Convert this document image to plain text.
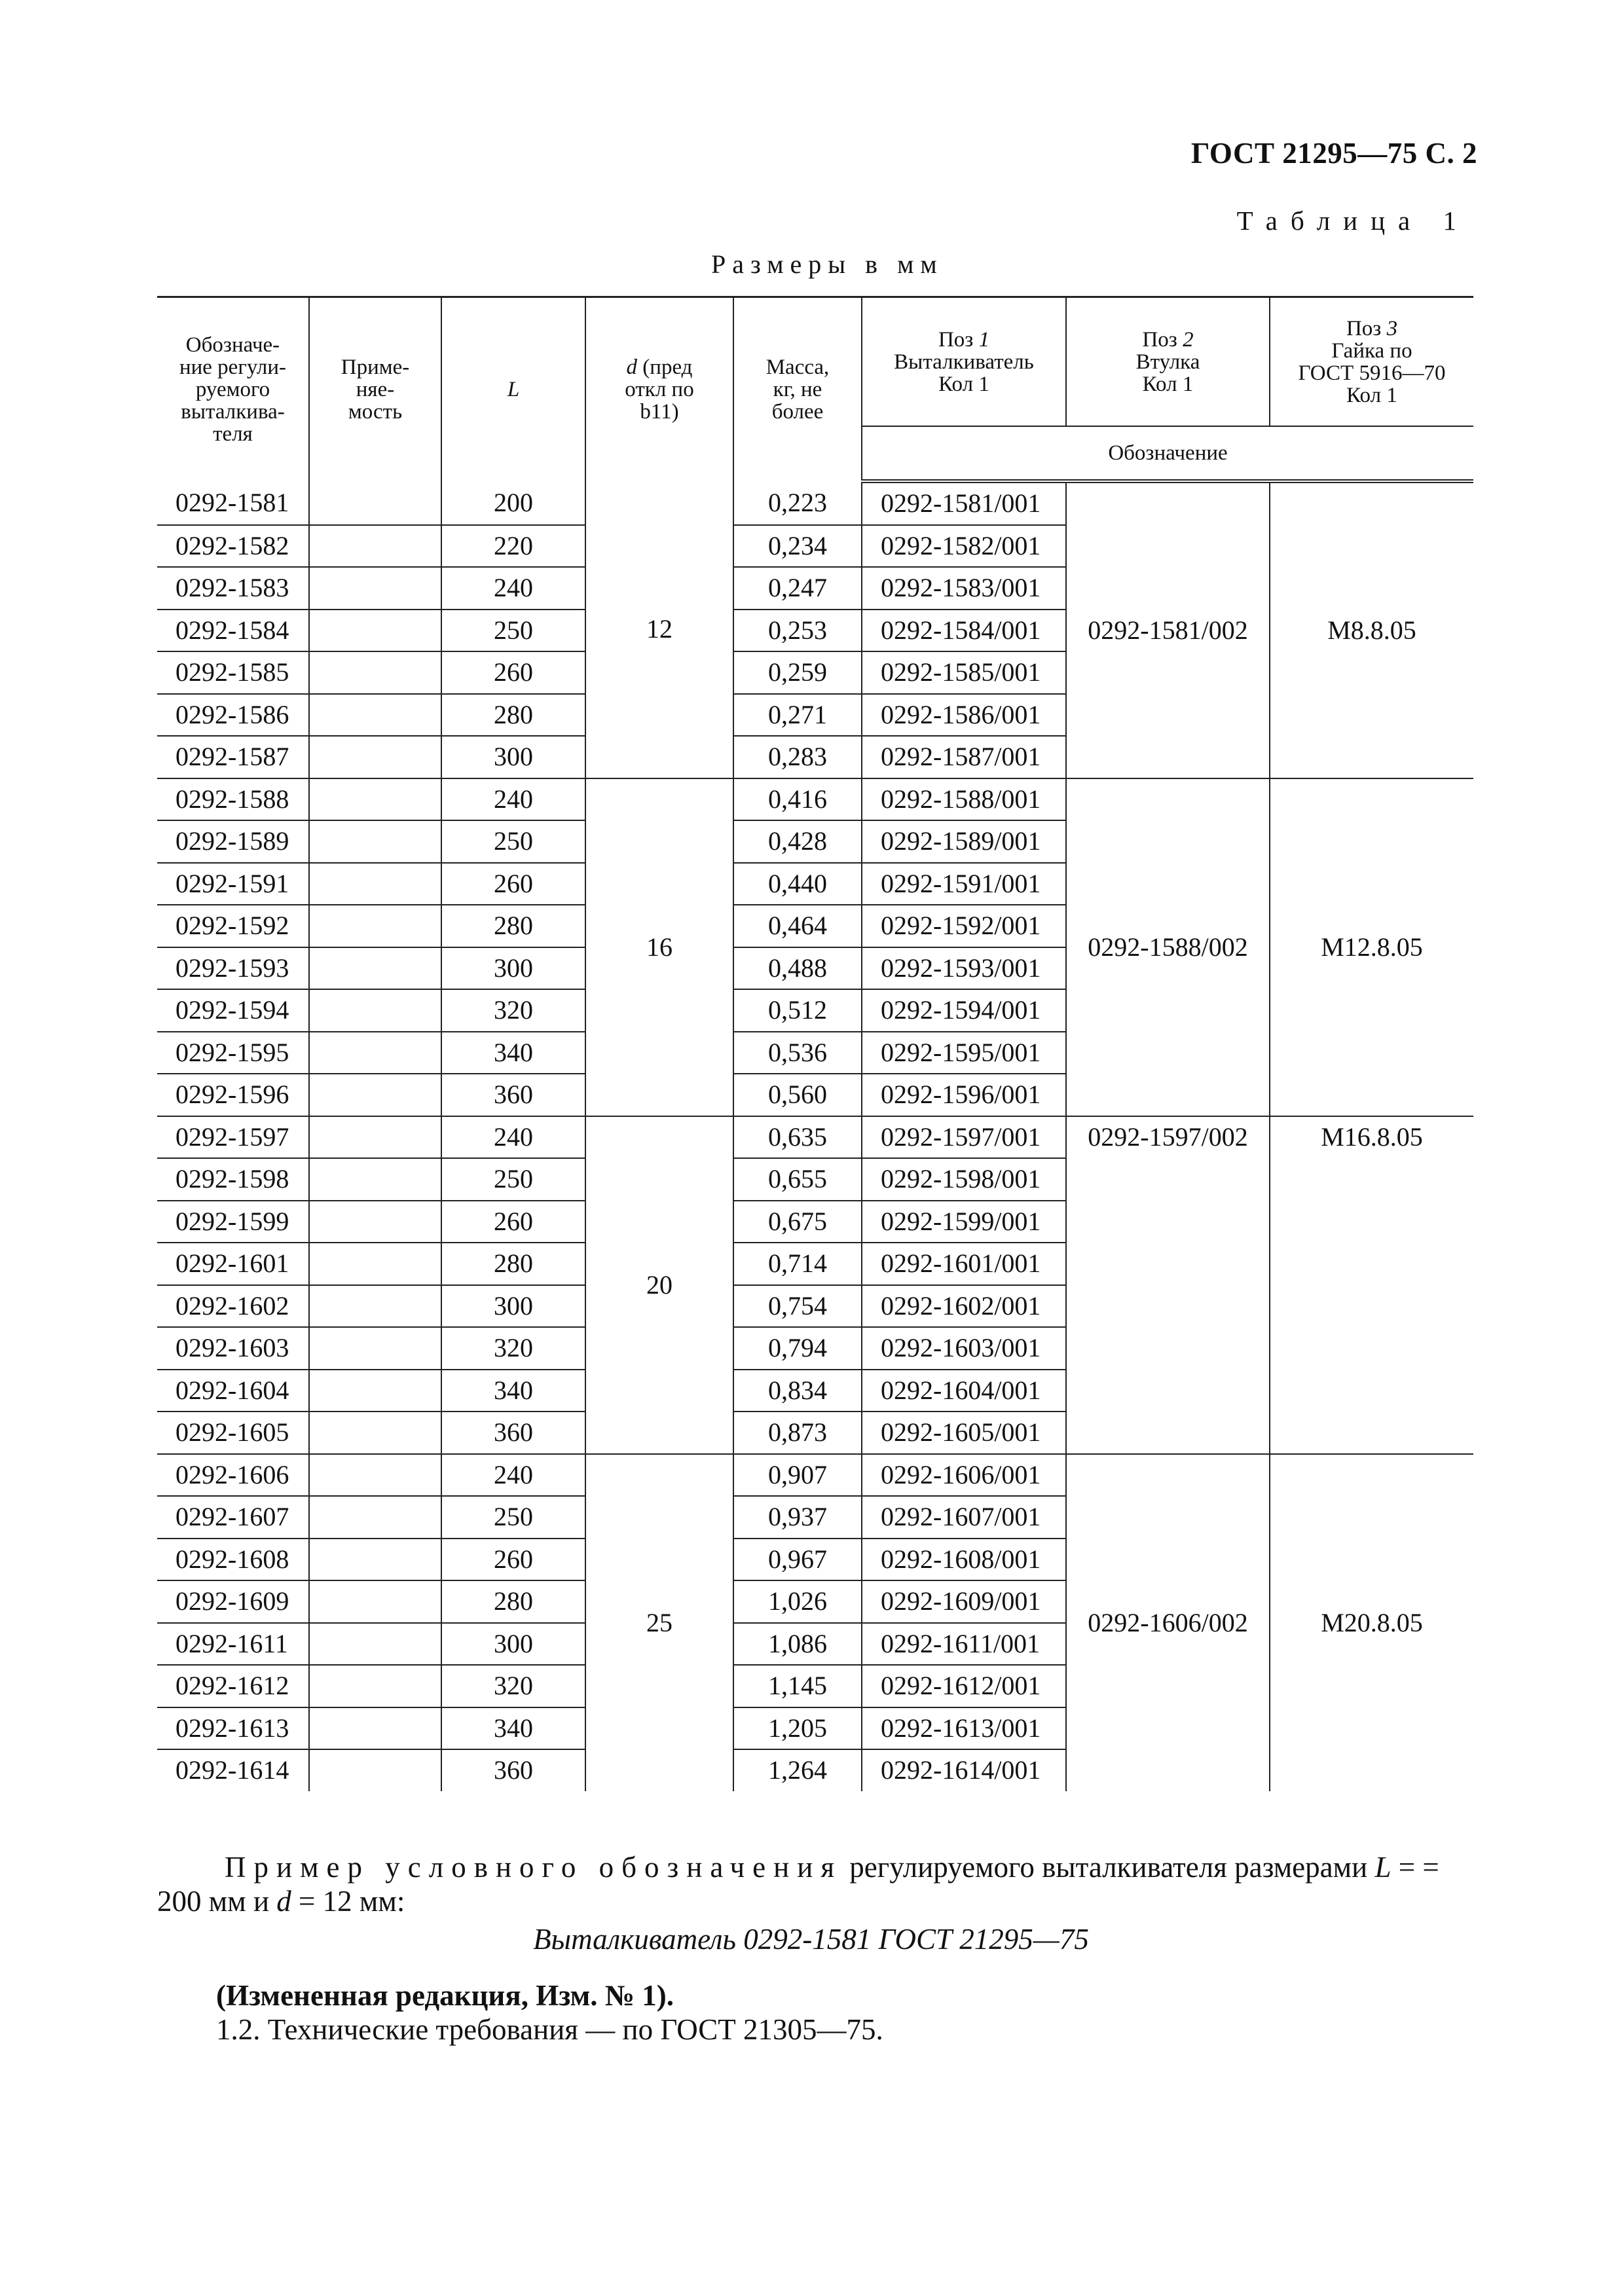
ГОСТ 21295—75 С. 2
Таблица 1
Размеры в мм
Обозначе-
ние регули-
руемого
выталкива-
теля	Приме-
няе-
мость	L	d (пред
откл по
b11)	Масса,
кг, не
более	Поз 1
Выталкиватель
Кол 1	Поз 2
Втулка
Кол 1	Поз 3
Гайка по
ГОСТ 5916—70
Кол 1
					Обозначение		
0292-1581		200	12	0,223	0292-1581/001	0292-1581/002	M8.8.05
0292-1582		220		0,234	0292-1582/001		
0292-1583		240		0,247	0292-1583/001		
0292-1584		250		0,253	0292-1584/001		
0292-1585		260		0,259	0292-1585/001		
0292-1586		280		0,271	0292-1586/001		
0292-1587		300		0,283	0292-1587/001		
0292-1588		240	16	0,416	0292-1588/001	0292-1588/002	M12.8.05
0292-1589		250		0,428	0292-1589/001		
0292-1591		260		0,440	0292-1591/001		
0292-1592		280		0,464	0292-1592/001		
0292-1593		300		0,488	0292-1593/001		
0292-1594		320		0,512	0292-1594/001		
0292-1595		340		0,536	0292-1595/001		
0292-1596		360		0,560	0292-1596/001		
0292-1597		240	20	0,635	0292-1597/001	0292-1597/002	M16.8.05
0292-1598		250		0,655	0292-1598/001		
0292-1599		260		0,675	0292-1599/001		
0292-1601		280		0,714	0292-1601/001		
0292-1602		300		0,754	0292-1602/001		
0292-1603		320		0,794	0292-1603/001		
0292-1604		340		0,834	0292-1604/001		
0292-1605		360		0,873	0292-1605/001		
0292-1606		240	25	0,907	0292-1606/001	0292-1606/002	M20.8.05
0292-1607		250		0,937	0292-1607/001		
0292-1608		260		0,967	0292-1608/001		
0292-1609		280		1,026	0292-1609/001		
0292-1611		300		1,086	0292-1611/001		
0292-1612		320		1,145	0292-1612/001		
0292-1613		340		1,205	0292-1613/001		
0292-1614		360		1,264	0292-1614/001		
Пример условного обозначения регулируемого выталкивателя размерами L = = 200 мм и d = 12 мм:
Выталкиватель 0292-1581 ГОСТ 21295—75
(Измененная редакция, Изм. № 1).
1.2. Технические требования — по ГОСТ 21305—75.
